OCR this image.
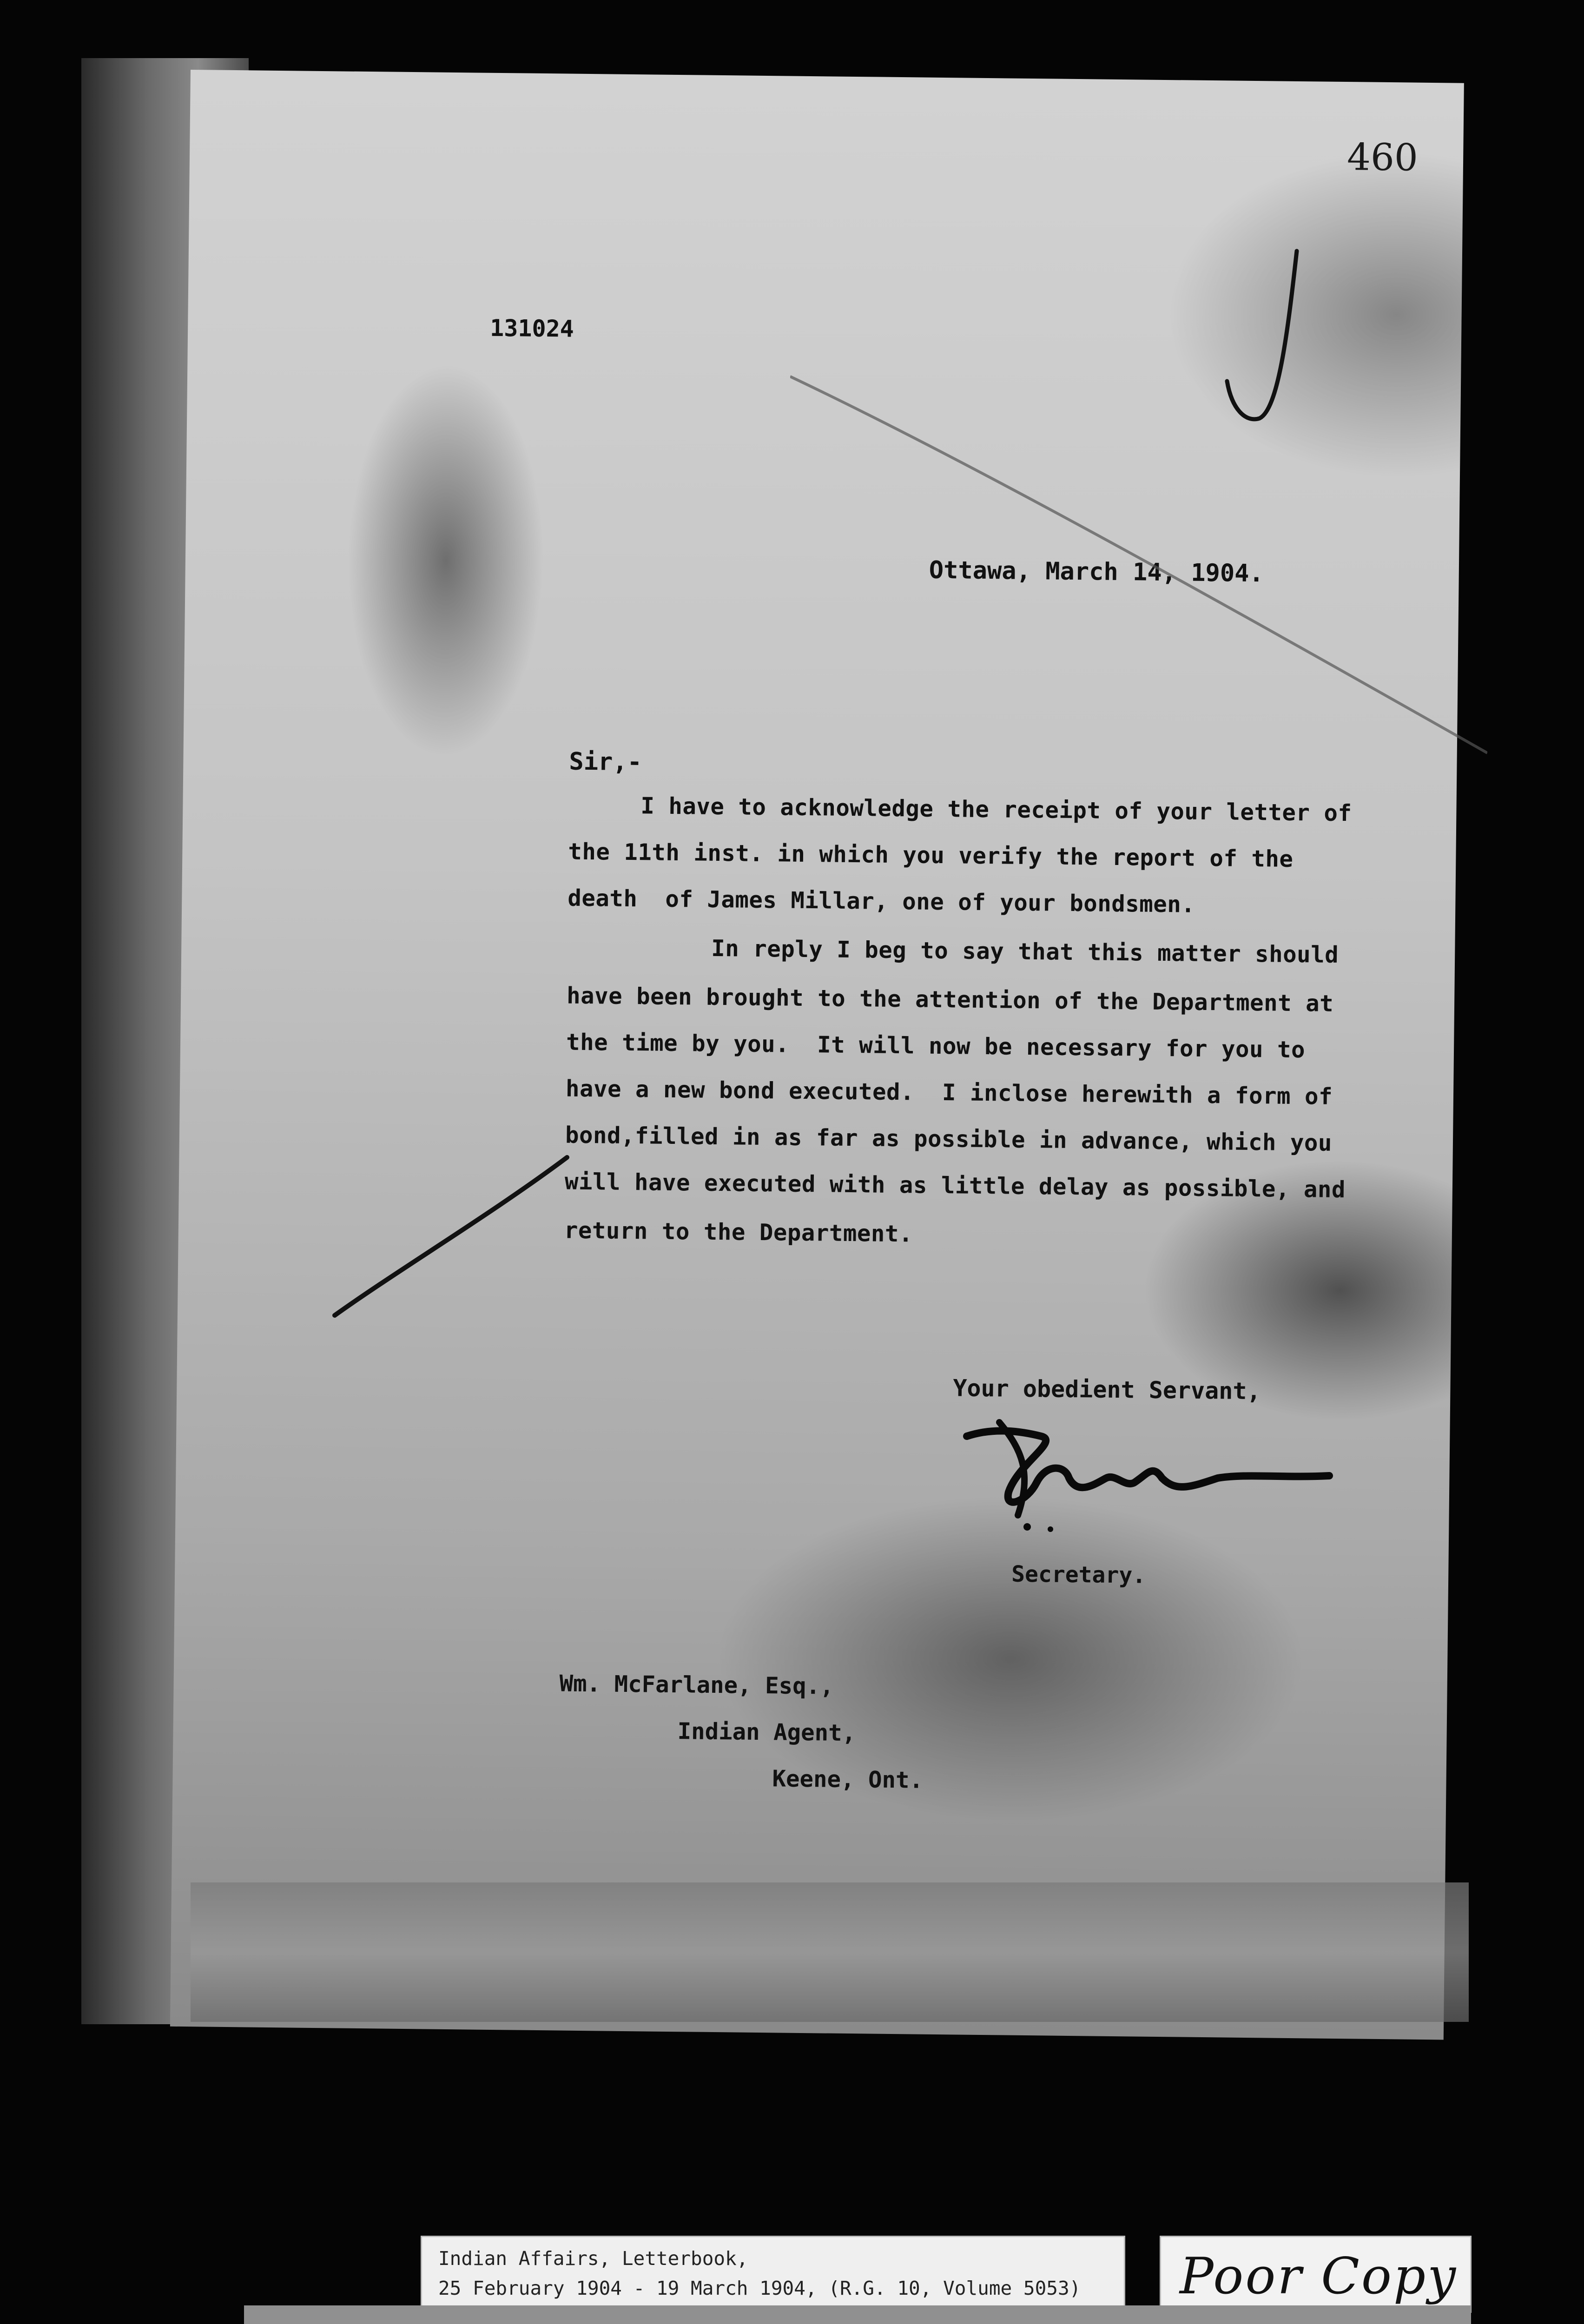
460
131024
Ottawa, March 14, 1904.
Sir,-
I have to acknowledge the receipt of your letter of
the 11th inst. in which you verify the report of the
death  of James Millar, one of your bondsmen.
In reply I beg to say that this matter should
have been brought to the attention of the Department at
the time by you.  It will now be necessary for you to
have a new bond executed.  I inclose herewith a form of
bond,filled in as far as possible in advance, which you
will have executed with as little delay as possible, and
return to the Department.
Your obedient Servant,
Secretary.
Wm. McFarlane, Esq.,
Indian Agent,
Keene, Ont.
Indian Affairs, Letterbook,
25 February 1904 - 19 March 1904, (R.G. 10, Volume 5053) Poor Copy
